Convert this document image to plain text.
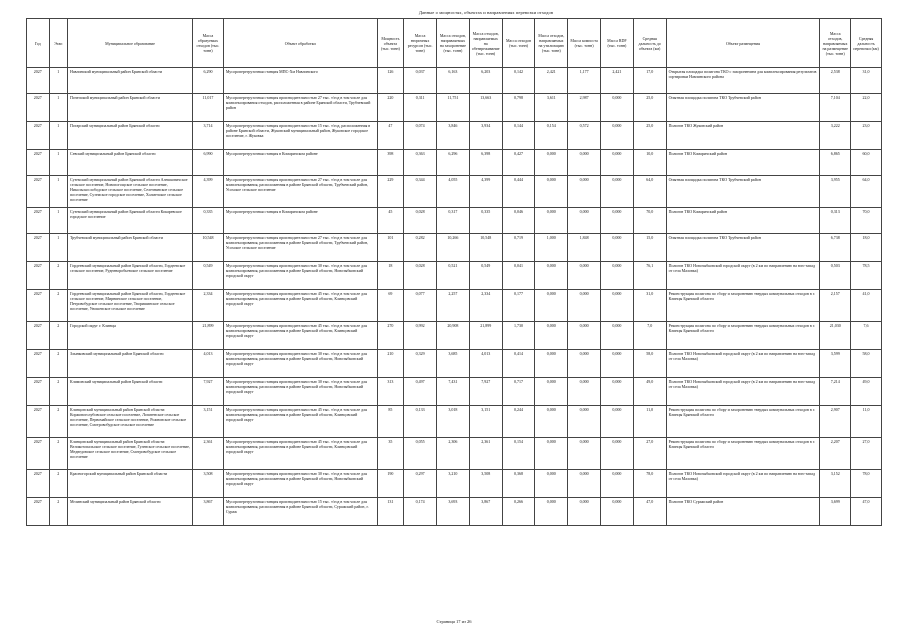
Данные о мощностях, объектах и направлениях перевозки отходов
Год	Этап	Муниципальное образование	Масса образуемых отходов (тыс. тонн)	Объект обработки	Мощность объекта (тыс. тонн)	Масса вторичных ресурсов (тыс. тонн)	Масса отходов, направляемых на захоронение (тыс. тонн)	Масса отходов, направляемых на обезвреживание (тыс. тонн)	Масса отходов (тыс. тонн)	Масса отходов, направляемых на утилизацию (тыс. тонн)	Масса компоста (тыс. тонн)	Масса RDF (тыс. тонн)	Средняя дальность до объекта (км)	Объект размещения	Масса отходов, направляемых на размещение (тыс. тонн)	Средняя дальность перевозки (км)
2027	1	Навлинский муниципальный район Брянской области	6,290	Мусороперегрузочная станция МПС-Хм Навлинского	126	0,037	6,163	6,203	0,142	2,421	1,177	2,421	17,0	Открытая площадка полигона ТКО с захоронением для комплексирования результатов сортировки Навлинского района	2,538	31,0
2027	1	Почепский муниципальный район Брянской области	11,017	Мусороперегрузочная станция производительностью 27 тыс. т/год в том числе для комплексирования отходов, расположенная в районе Брянской области, Трубчевский район	220	0,311	11,751	13,663	0,798	3,611	2,987	0,000	25,0	Опытная площадка полигона ТКО Трубчевский район	7,104	22,0
2027	1	Погарский муниципальный район Брянской области	3,714	Мусороперегрузочная станция производительностью 15 тыс. т/год, расположенная в районе Брянской области, Жуковский муниципальный район, Жуковское городское поселение, г. Жуковка	47	0,074	3,846	3,934	0,144	0,154	0,572	0,000	25,0	Полигон ТКО Жуковский район	3,222	23,0
2027	1	Севский муниципальный район Брянской области	6,990	Мусороперегрузочная станция в Комаричском районе	398	0,363	6,296	6,398	0,427	0,000	0,000	0,000	10,0	Полигон ТКО Комаричский район	6,865	60,0
2027	1	Суземский муниципальный район Брянской области Алешковичское сельское поселение, Новопогощское сельское поселение, Никольскослободское сельское поселение, Селечнянское сельское поселение, Суземское городское поселение, Холмечское сельское поселение	4,399	Мусороперегрузочная станция производительностью 27 тыс. т/год в том числе для комплексирования, расположенная в районе Брянской области, Трубчевский район, Усохское сельское поселение	229	0,344	4,055	4,399	0,444	0,000	0,000	0,000	64,0	Опытная площадка полигона ТКО Трубчевский район	3,955	64,0
2027	1	Суземский муниципальный район Брянской области Кокаревское городское поселение	0,335	Мусороперегрузочная станция в Комаричском районе	45	0,028	0,317	0,335	0,046	0,000	0,000	0,000	70,0	Полигон ТКО Комаричский район	0,313	70,0
2027	1	Трубчевский муниципальный район Брянской области	10,548	Мусороперегрузочная станция производительностью 27 тыс. т/год в том числе для комплексирования, расположенная в районе Брянской области, Трубчевский район, Усохское сельское поселение	101	0,282	10,266	10,548	0,719	1,000	1,848	0,000	15,0	Опытная площадка полигона ТКО Трубчевский район	6,738	18,0
2027	2	Гордеевский муниципальный район Брянской области, Гордеевское сельское поселение, Рудневоробьевское сельское поселение	0,549	Мусороперегрузочная станция производительностью 30 тыс. т/год в том числе для комплексирования, расположенная в районе Брянской области, Новозыбковский городской округ	18	0,028	0,521	0,549	0,041	0,000	0,000	0,000	76,1	Полигон ТКО Новозыбковский городской округ (в 2 км по направлению на юго-запад от села Маловка)	0,503	78,5
2027	2	Гордеевский муниципальный район Брянской области, Гордеевское сельское поселение, Мирнинское сельское поселение, Петровобудское сельское поселение, Творишинское сельское поселение, Уношевское сельское поселение	2,334	Мусороперегрузочная станция производительностью 45 тыс. т/год в том числе для комплексирования, расположенная в районе Брянской области, Клинцовский городской округ	69	0,077	2,257	2,334	0,177	0,000	0,000	0,000	31,0	Реконструкция полигона по сбору и захоронению твердых коммунальных отходов в г. Клинцы Брянской области	2,157	41,0
2027	2	Городской округ г. Клинцы	21,899	Мусороперегрузочная станция производительностью 45 тыс. т/год в том числе для комплексирования, расположенная в районе Брянской области, Клинцовский городской округ	270	0,992	20,908	21,899	1,730	0,000	0,000	0,000	7,0	Реконструкция полигона по сбору и захоронению твердых коммунальных отходов в г. Клинцы Брянской области	21,030	7,6
2027	2	Злынковский муниципальный район Брянской области	4,013	Мусороперегрузочная станция производительностью 30 тыс. т/год в том числе для комплексирования, расположенная в районе Брянской области, Новозыбковский городской округ	210	0,329	3,685	4,013	0,414	0,000	0,000	0,000	58,0	Полигон ТКО Новозыбковский городской округ (в 2 км по направлению на юго-запад от села Маловка)	3,599	58,0
2027	2	Климовский муниципальный район Брянской области	7,927	Мусороперегрузочная станция производительностью 30 тыс. т/год в том числе для комплексирования, расположенная в районе Брянской области, Новозыбковский городской округ	313	0,497	7,431	7,927	0,717	0,000	0,000	0,000	49,0	Полигон ТКО Новозыбковский городской округ (в 2 км по направлению на юго-запад от села Маловка)	7,214	49,0
2027	2	Клинцовский муниципальный район Брянской области: Коржовоголубовское сельское поселение, Лопатенское сельское поселение, Первомайское сельское поселение, Рожновское сельское поселение, Смотровобудское сельское поселение	3,151	Мусороперегрузочная станция производительностью 45 тыс. т/год в том числе для комплексирования, расположенная в районе Брянской области, Клинцовский городской округ	85	0,133	3,018	3,151	0,244	0,000	0,000	0,000	11,0	Реконструкция полигона по сбору и захоронению твердых коммунальных отходов в г. Клинцы Брянской области	2,907	11,0
2027	2	Клинцовский муниципальный район Брянской области: Великотопальское сельское поселение, Гулевское сельское поселение, Медведовское сельское поселение, Смотровобудское сельское поселение	2,361	Мусороперегрузочная станция производительностью 45 тыс. т/год в том числе для комплексирования, расположенная в районе Брянской области, Клинцовский городской округ	35	0,055	2,306	2,361	0,154	0,000	0,000	0,000	27,0	Реконструкция полигона по сбору и захоронению твердых коммунальных отходов в г. Клинцы Брянской области	2,207	27,0
2027	2	Красногорский муниципальный район Брянской области	3,508	Мусороперегрузочная станция производительностью 30 тыс. т/год в том числе для комплексирования, расположенная в районе Брянской области, Новозыбковский городской округ	190	0,297	3,210	3,508	0,368	0,000	0,000	0,000	78,0	Полигон ТКО Новозыбковский городской округ (в 2 км по направлению на юго-запад от села Маловка)	3,152	78,0
2027	2	Мглинский муниципальный район Брянской области	3,867	Мусороперегрузочная станция производительностью 15 тыс. т/год в том числе для комплексирования, расположенная в районе Брянской области, Суражский район, г. Сураж	131	0,174	3,693	3,867	0,266	0,000	0,000	0,000	47,0	Полигон ТКО Суражский район	3,699	47,0
Страница 17 из 26
